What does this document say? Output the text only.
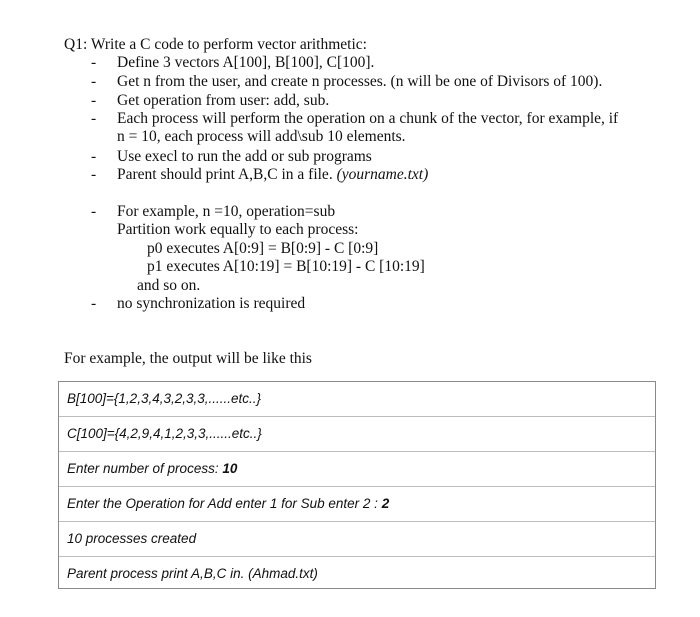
Q1: Write a C code to perform vector arithmetic:
- Define 3 vectors A[100], B[100], C[100].
- Get n from the user, and create n processes. (n will be one of Divisors of 100).
- Get operation from user: add, sub.
- Each process will perform the operation on a chunk of the vector, for example, if
n = 10, each process will add\sub 10 elements.
- Use execl to run the add or sub programs
- Parent should print A,B,C in a file. (yourname.txt)
- For example, n =10, operation=sub
Partition work equally to each process:
p0 executes A[0:9] = B[0:9] - C [0:9]
p1 executes A[10:19] = B[10:19] - C [10:19]
and so on.
- no synchronization is required
For example, the output will be like this
B[100]={1,2,3,4,3,2,3,3,......etc..}
C[100]={4,2,9,4,1,2,3,3,......etc..}
Enter number of process: 10
Enter the Operation for Add enter 1 for Sub enter 2 : 2
10 processes created
Parent process print A,B,C in. (Ahmad.txt)
